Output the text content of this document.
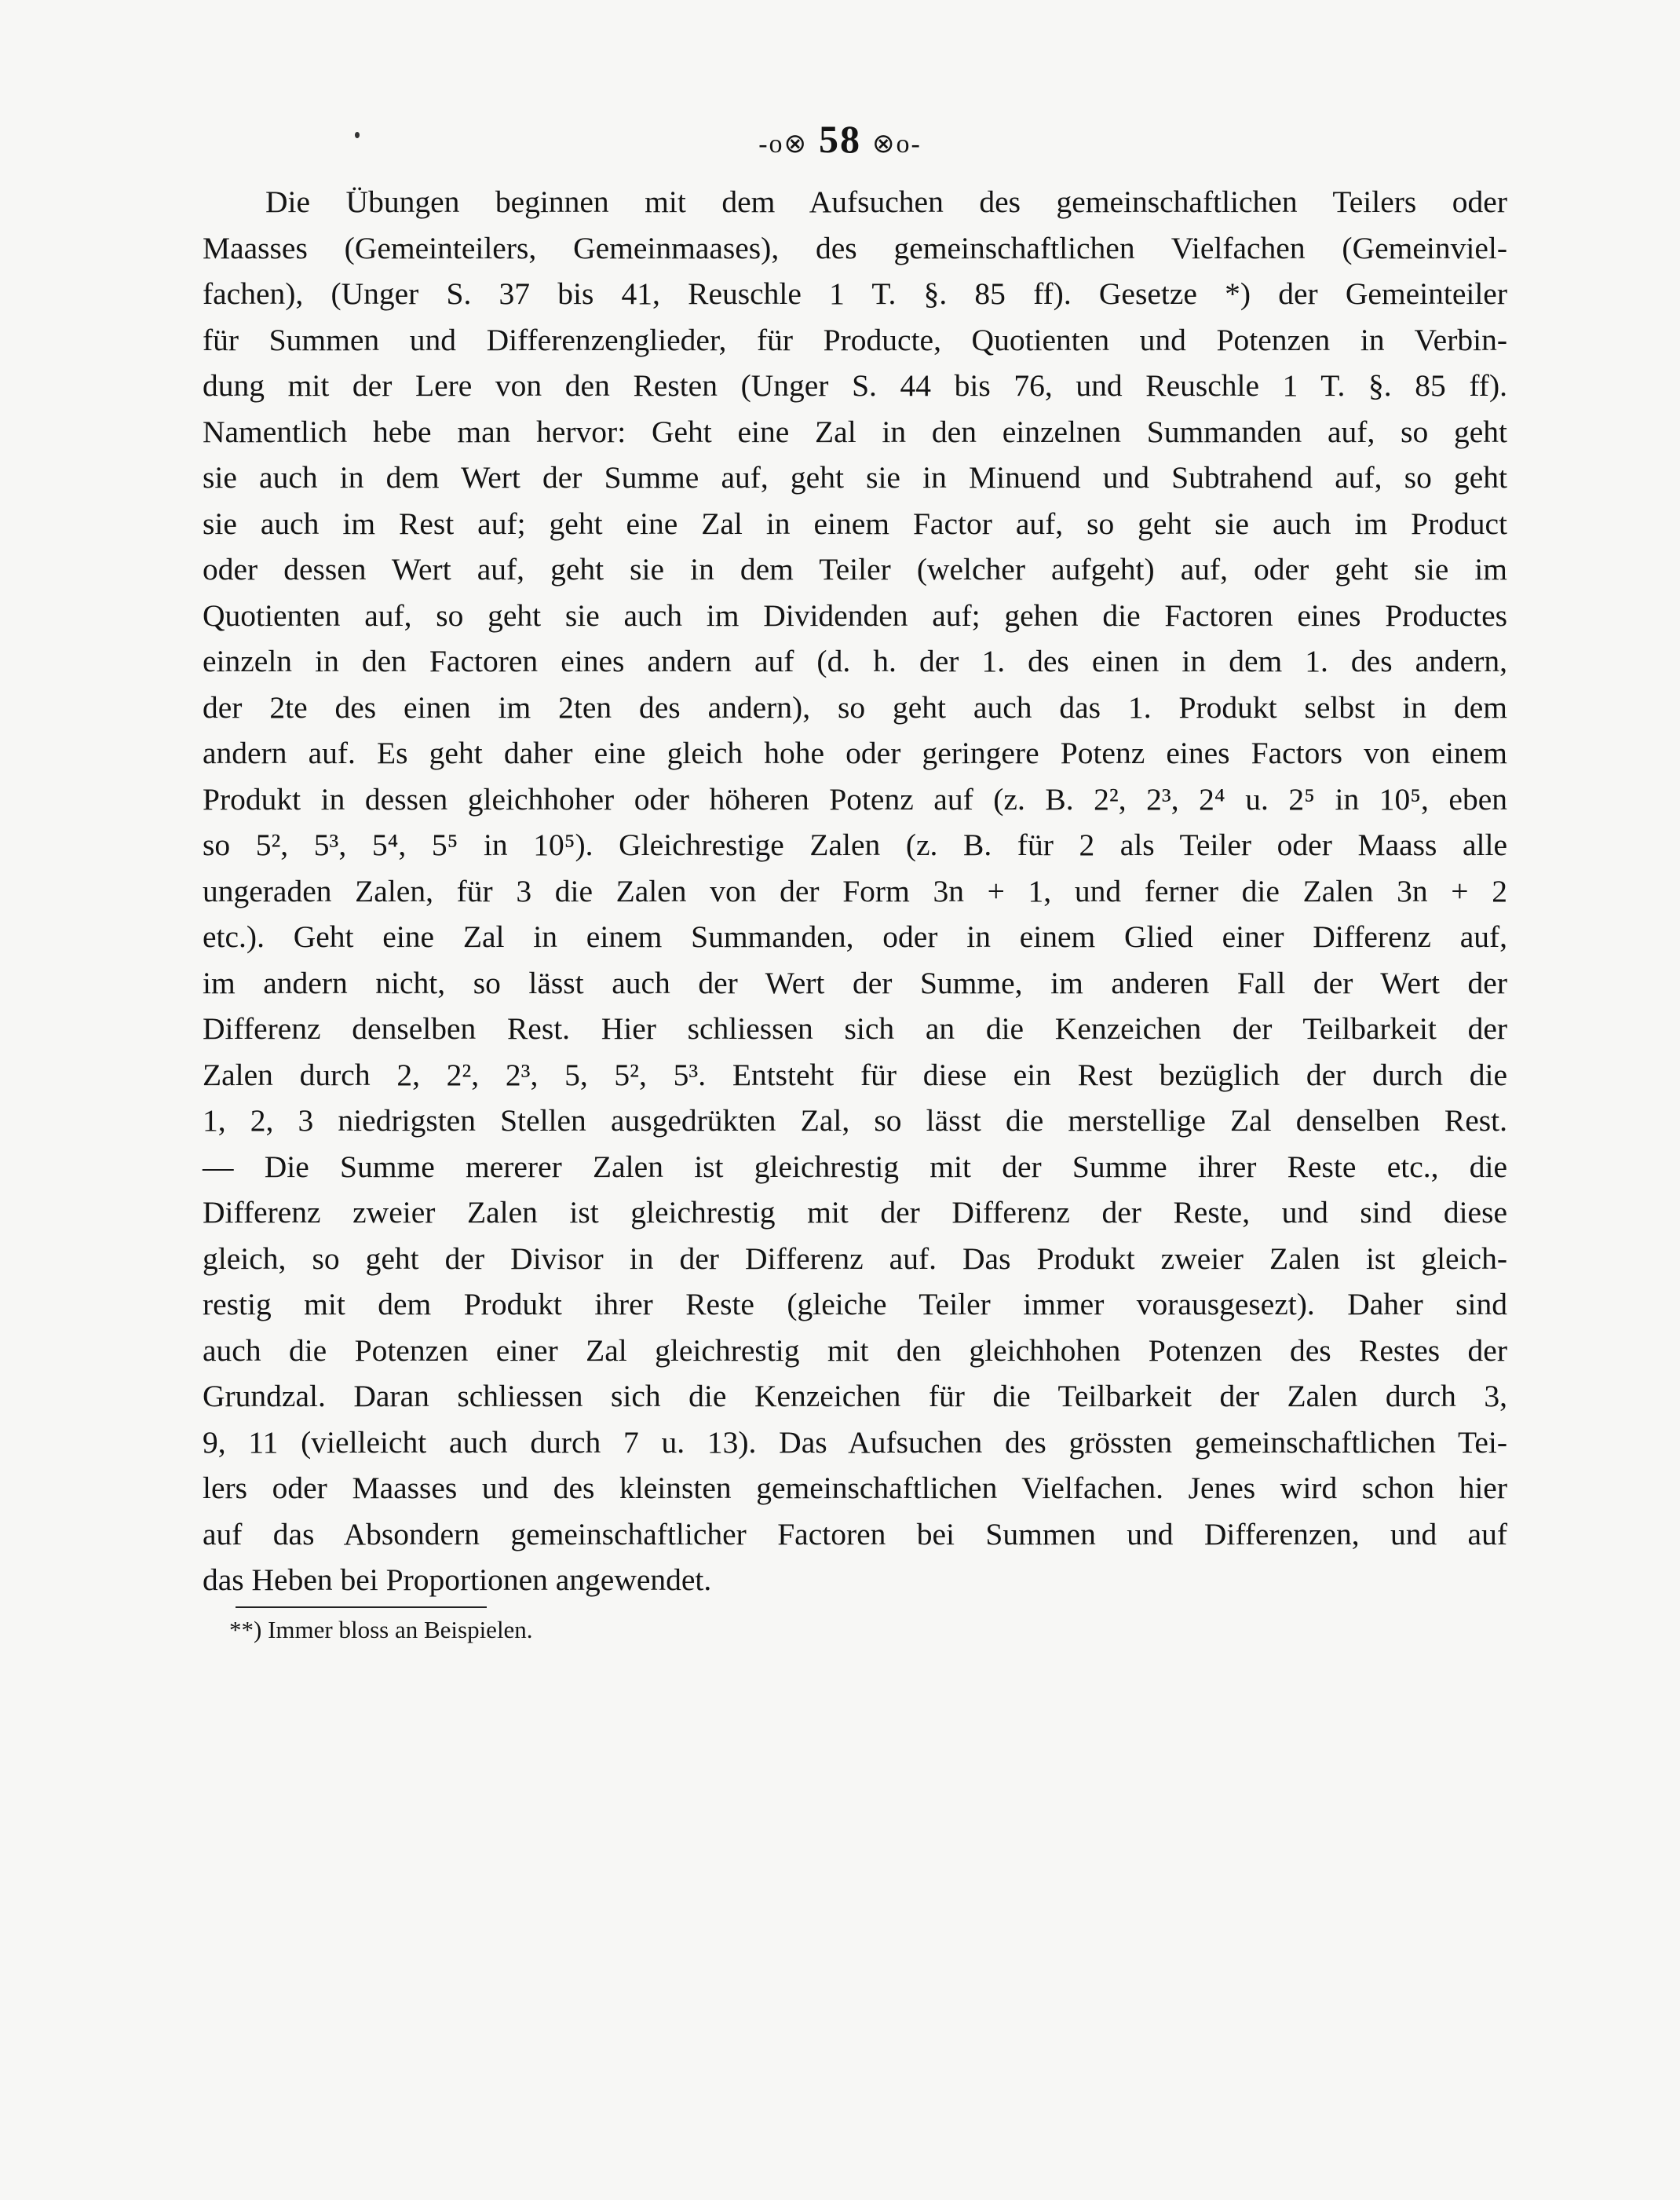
-o⊗ 58 ⊗o-
Die Übungen beginnen mit dem Aufsuchen des gemeinschaftlichen Teilers oder
Maasses (Gemeinteilers, Gemeinmaases), des gemeinschaftlichen Vielfachen (Gemeinviel-
fachen), (Unger S. 37 bis 41, Reuschle 1 T. §. 85 ff). Gesetze *) der Gemeinteiler
für Summen und Differenzenglieder, für Producte, Quotienten und Potenzen in Verbin-
dung mit der Lere von den Resten (Unger S. 44 bis 76, und Reuschle 1 T. §. 85 ff).
Namentlich hebe man hervor: Geht eine Zal in den einzelnen Summanden auf, so geht
sie auch in dem Wert der Summe auf, geht sie in Minuend und Subtrahend auf, so geht
sie auch im Rest auf; geht eine Zal in einem Factor auf, so geht sie auch im Product
oder dessen Wert auf, geht sie in dem Teiler (welcher aufgeht) auf, oder geht sie im
Quotienten auf, so geht sie auch im Dividenden auf; gehen die Factoren eines Productes
einzeln in den Factoren eines andern auf (d. h. der 1. des einen in dem 1. des andern,
der 2te des einen im 2ten des andern), so geht auch das 1. Produkt selbst in dem
andern auf. Es geht daher eine gleich hohe oder geringere Potenz eines Factors von einem
Produkt in dessen gleichhoher oder höheren Potenz auf (z. B. 2², 2³, 2⁴ u. 2⁵ in 10⁵, eben
so 5², 5³, 5⁴, 5⁵ in 10⁵). Gleichrestige Zalen (z. B. für 2 als Teiler oder Maass alle
ungeraden Zalen, für 3 die Zalen von der Form 3n + 1, und ferner die Zalen 3n + 2
etc.). Geht eine Zal in einem Summanden, oder in einem Glied einer Differenz auf,
im andern nicht, so lässt auch der Wert der Summe, im anderen Fall der Wert der
Differenz denselben Rest. Hier schliessen sich an die Kenzeichen der Teilbarkeit der
Zalen durch 2, 2², 2³, 5, 5², 5³. Entsteht für diese ein Rest bezüglich der durch die
1, 2, 3 niedrigsten Stellen ausgedrükten Zal, so lässt die merstellige Zal denselben Rest.
— Die Summe mererer Zalen ist gleichrestig mit der Summe ihrer Reste etc., die
Differenz zweier Zalen ist gleichrestig mit der Differenz der Reste, und sind diese
gleich, so geht der Divisor in der Differenz auf. Das Produkt zweier Zalen ist gleich-
restig mit dem Produkt ihrer Reste (gleiche Teiler immer vorausgesezt). Daher sind
auch die Potenzen einer Zal gleichrestig mit den gleichhohen Potenzen des Restes der
Grundzal. Daran schliessen sich die Kenzeichen für die Teilbarkeit der Zalen durch 3,
9, 11 (vielleicht auch durch 7 u. 13). Das Aufsuchen des grössten gemeinschaftlichen Tei-
lers oder Maasses und des kleinsten gemeinschaftlichen Vielfachen. Jenes wird schon hier
auf das Absondern gemeinschaftlicher Factoren bei Summen und Differenzen, und auf
das Heben bei Proportionen angewendet.
**) Immer bloss an Beispielen.
